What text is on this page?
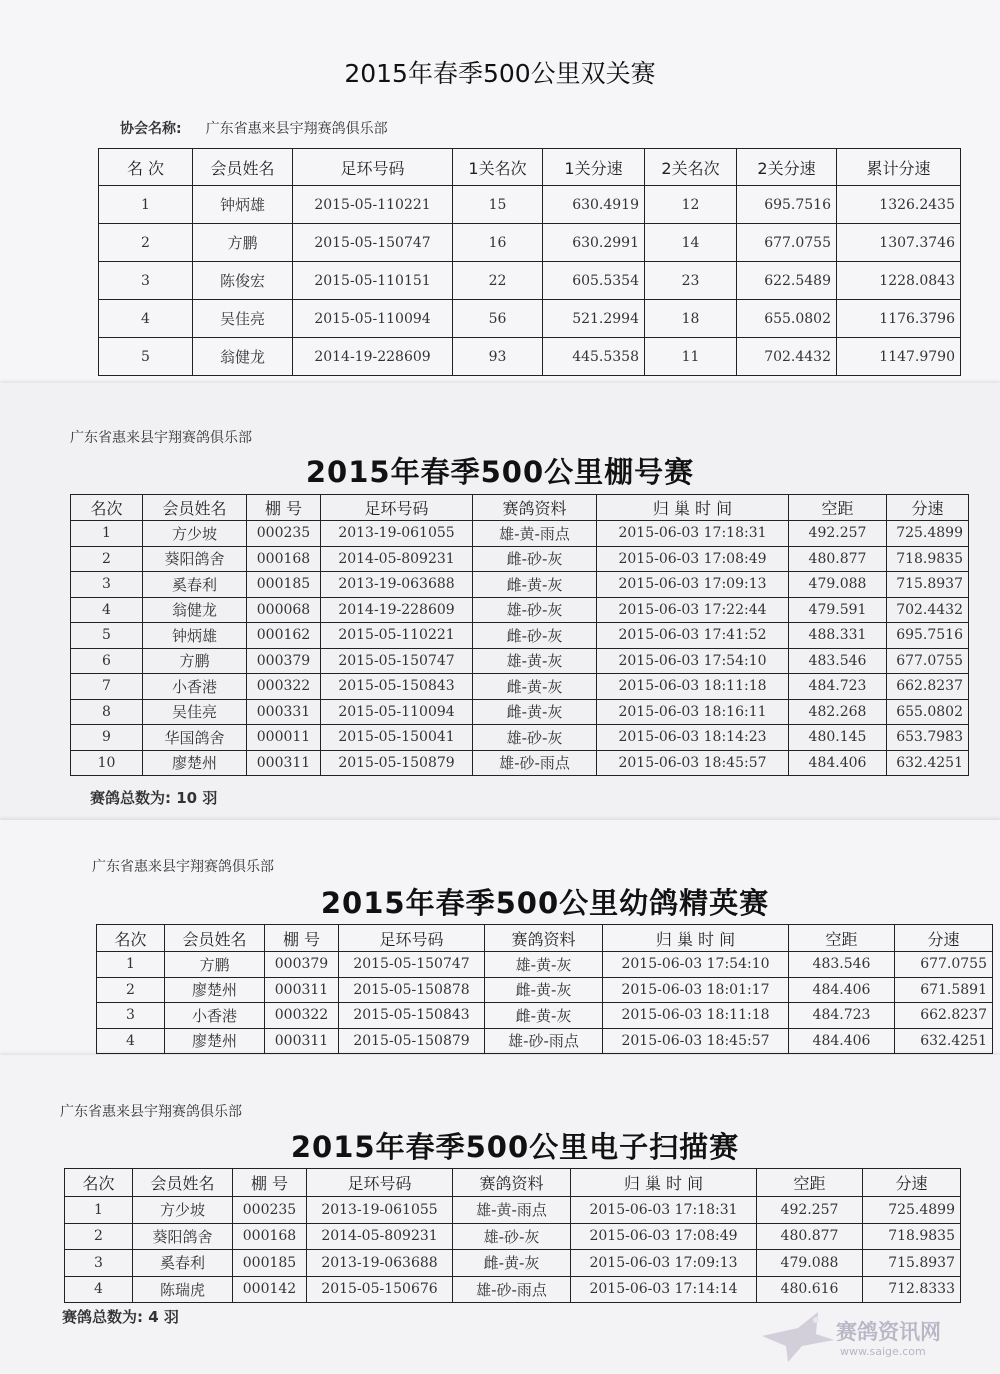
2015年春季500公里双关赛
协会名称: 广东省惠来县宇翔赛鸽俱乐部
名 次	会员姓名	足环号码	1关名次	1关分速	2关名次	2关分速	累计分速
1	钟炳雄	2015-05-110221	15	630.4919	12	695.7516	1326.2435
2	方鹏	2015-05-150747	16	630.2991	14	677.0755	1307.3746
3	陈俊宏	2015-05-110151	22	605.5354	23	622.5489	1228.0843
4	吴佳亮	2015-05-110094	56	521.2994	18	655.0802	1176.3796
5	翁健龙	2014-19-228609	93	445.5358	11	702.4432	1147.9790
广东省惠来县宇翔赛鸽俱乐部
2015年春季500公里棚号赛
名次	会员姓名	棚 号	足环号码	赛鸽资料	归 巢 时 间	空距	分速
1	方少坡	000235	2013-19-061055	雄-黄-雨点	2015-06-03 17:18:31	492.257	725.4899
2	葵阳鸽舍	000168	2014-05-809231	雌-砂-灰	2015-06-03 17:08:49	480.877	718.9835
3	奚春利	000185	2013-19-063688	雌-黄-灰	2015-06-03 17:09:13	479.088	715.8937
4	翁健龙	000068	2014-19-228609	雄-砂-灰	2015-06-03 17:22:44	479.591	702.4432
5	钟炳雄	000162	2015-05-110221	雌-砂-灰	2015-06-03 17:41:52	488.331	695.7516
6	方鹏	000379	2015-05-150747	雄-黄-灰	2015-06-03 17:54:10	483.546	677.0755
7	小香港	000322	2015-05-150843	雌-黄-灰	2015-06-03 18:11:18	484.723	662.8237
8	吴佳亮	000331	2015-05-110094	雌-黄-灰	2015-06-03 18:16:11	482.268	655.0802
9	华国鸽舍	000011	2015-05-150041	雄-砂-灰	2015-06-03 18:14:23	480.145	653.7983
10	廖楚州	000311	2015-05-150879	雄-砂-雨点	2015-06-03 18:45:57	484.406	632.4251
赛鸽总数为: 10 羽
广东省惠来县宇翔赛鸽俱乐部
2015年春季500公里幼鸽精英赛
名次	会员姓名	棚 号	足环号码	赛鸽资料	归 巢 时 间	空距	分速
1	方鹏	000379	2015-05-150747	雄-黄-灰	2015-06-03 17:54:10	483.546	677.0755
2	廖楚州	000311	2015-05-150878	雌-黄-灰	2015-06-03 18:01:17	484.406	671.5891
3	小香港	000322	2015-05-150843	雌-黄-灰	2015-06-03 18:11:18	484.723	662.8237
4	廖楚州	000311	2015-05-150879	雄-砂-雨点	2015-06-03 18:45:57	484.406	632.4251
广东省惠来县宇翔赛鸽俱乐部
2015年春季500公里电子扫描赛
名次	会员姓名	棚 号	足环号码	赛鸽资料	归 巢 时 间	空距	分速
1	方少坡	000235	2013-19-061055	雄-黄-雨点	2015-06-03 17:18:31	492.257	725.4899
2	葵阳鸽舍	000168	2014-05-809231	雄-砂-灰	2015-06-03 17:08:49	480.877	718.9835
3	奚春利	000185	2013-19-063688	雌-黄-灰	2015-06-03 17:09:13	479.088	715.8937
4	陈瑞虎	000142	2015-05-150676	雄-砂-雨点	2015-06-03 17:14:14	480.616	712.8333
赛鸽总数为: 4 羽
赛鸽资讯网
www.saige.com
